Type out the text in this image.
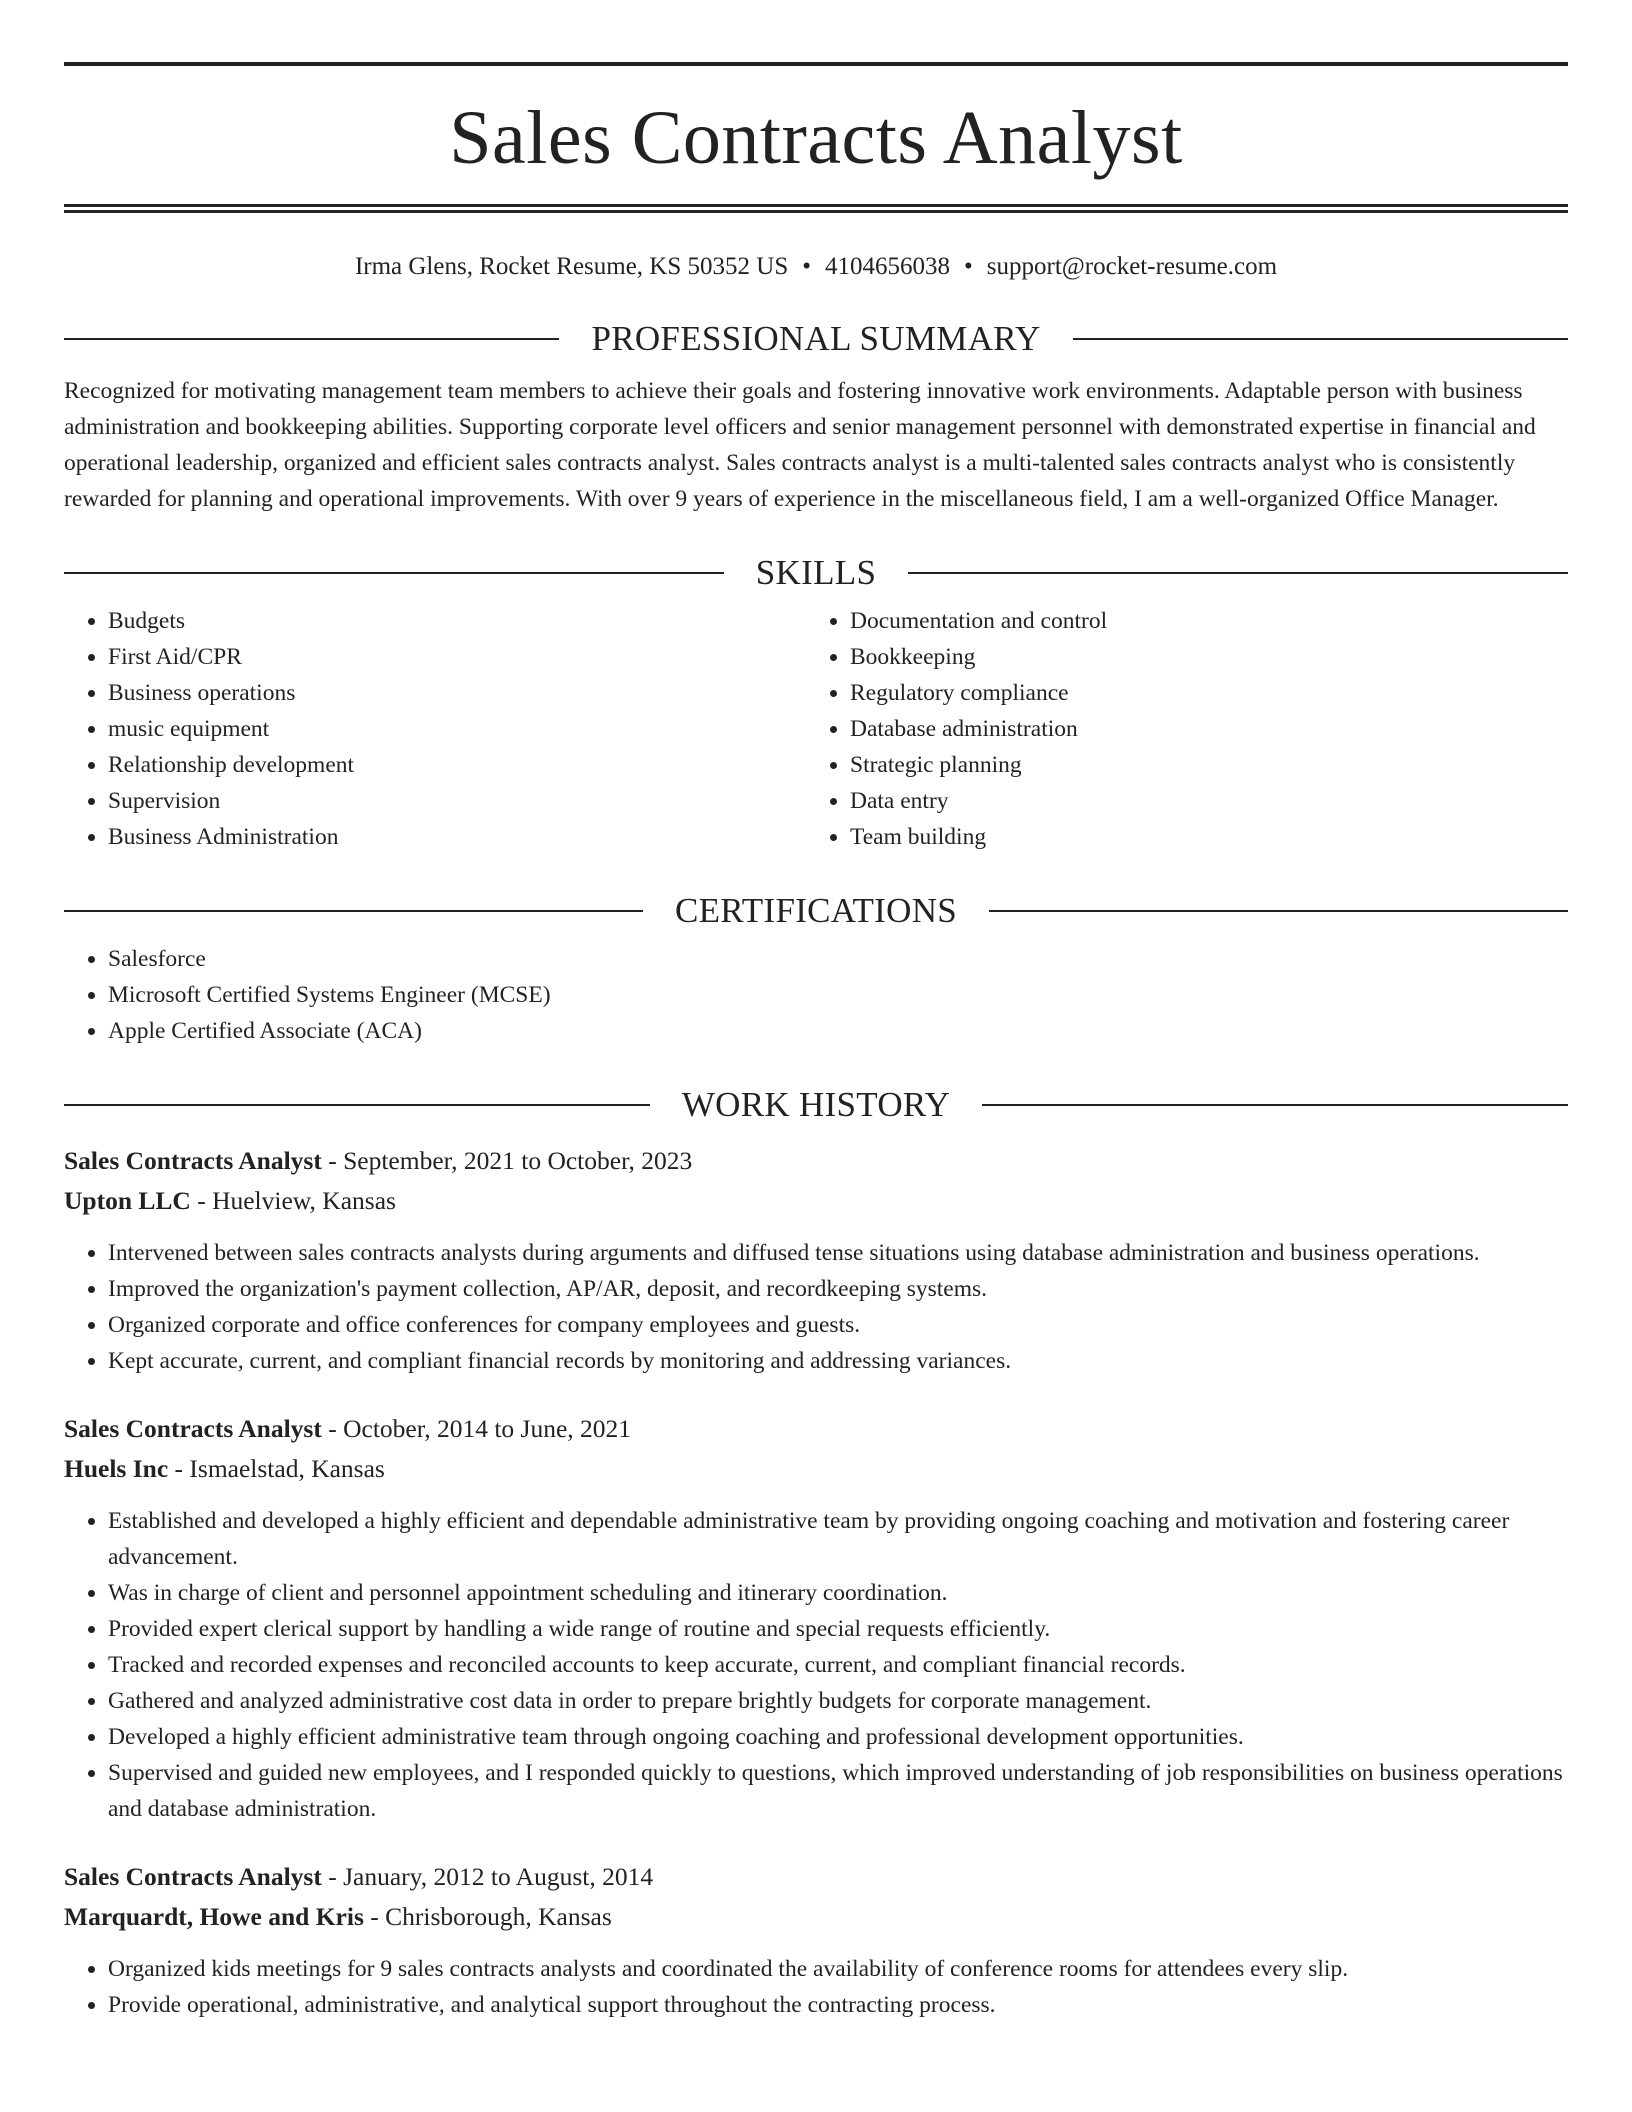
Sales Contracts Analyst
Irma Glens, Rocket Resume, KS 50352 US • 4104656038 • support@rocket-resume.com
PROFESSIONAL SUMMARY
Recognized for motivating management team members to achieve their goals and fostering innovative work environments. Adaptable person with business administration and bookkeeping abilities. Supporting corporate level officers and senior management personnel with demonstrated expertise in financial and operational leadership, organized and efficient sales contracts analyst. Sales contracts analyst is a multi-talented sales contracts analyst who is consistently rewarded for planning and operational improvements. With over 9 years of experience in the miscellaneous field, I am a well-organized Office Manager.
SKILLS
• Budgets
• First Aid/CPR
• Business operations
• music equipment
• Relationship development
• Supervision
• Business Administration
• Documentation and control
• Bookkeeping
• Regulatory compliance
• Database administration
• Strategic planning
• Data entry
• Team building
CERTIFICATIONS
• Salesforce
• Microsoft Certified Systems Engineer (MCSE)
• Apple Certified Associate (ACA)
WORK HISTORY
Sales Contracts Analyst - September, 2021 to October, 2023
Upton LLC - Huelview, Kansas
• Intervened between sales contracts analysts during arguments and diffused tense situations using database administration and business operations.
• Improved the organization's payment collection, AP/AR, deposit, and recordkeeping systems.
• Organized corporate and office conferences for company employees and guests.
• Kept accurate, current, and compliant financial records by monitoring and addressing variances.
Sales Contracts Analyst - October, 2014 to June, 2021
Huels Inc - Ismaelstad, Kansas
• Established and developed a highly efficient and dependable administrative team by providing ongoing coaching and motivation and fostering career advancement.
• Was in charge of client and personnel appointment scheduling and itinerary coordination.
• Provided expert clerical support by handling a wide range of routine and special requests efficiently.
• Tracked and recorded expenses and reconciled accounts to keep accurate, current, and compliant financial records.
• Gathered and analyzed administrative cost data in order to prepare brightly budgets for corporate management.
• Developed a highly efficient administrative team through ongoing coaching and professional development opportunities.
• Supervised and guided new employees, and I responded quickly to questions, which improved understanding of job responsibilities on business operations and database administration.
Sales Contracts Analyst - January, 2012 to August, 2014
Marquardt, Howe and Kris - Chrisborough, Kansas
• Organized kids meetings for 9 sales contracts analysts and coordinated the availability of conference rooms for attendees every slip.
• Provide operational, administrative, and analytical support throughout the contracting process.
